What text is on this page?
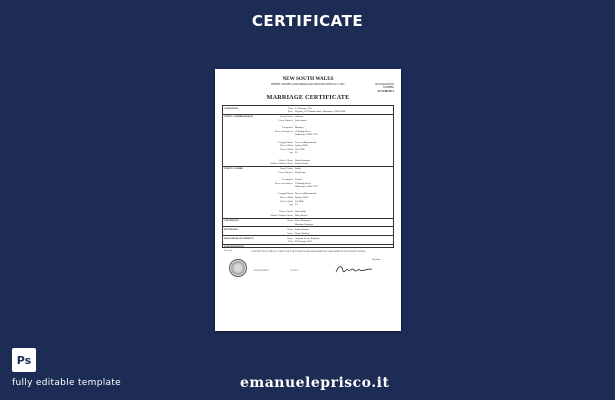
CERTIFICATE
NEW SOUTH WALES
BIRTHS, DEATHS AND MARRIAGES REGISTRATION ACT 1995	REGISTRATION NUMBER
2173/48/2011
MARRIAGE CERTIFICATE
CEREMONY	Date 17 February 2011
Place Registry, 191 Thomas Street Haymarket, NSW 2000
PARTY 1 / BRIDEGROOM	Family Name Johnson
Given Name(s) Luke James
Occupation Manager
Place of Residence 10 Rough Street
Wilberforce NSW 2756
Conjugal Status Never validly married
Place of Birth Sydney NSW
Date of Birth 10/1/1985
Age 26
Father's Name Robert Johnson
Mother's Maiden Name Susan Cooper
PARTY 2 / BRIDE	Family Name Smith
Given Name(s) Emily Jane
Occupation Teacher
Place of Residence 10 Rough Street
Wilberforce NSW 2756
Conjugal Status Never validly married
Place of Birth Sydney NSW
Date of Birth 2/4/1986
Age 24
Father's Name John Smith
Mother's Maiden Name Mary Brown
CELEBRANT	Name Peter Thompson
Marriage Registrar
WITNESSES	Name Sarah Johnson
Name Daniel Roberts
REGISTRAR AUTHORITY	Name Amanda Lewis, Registrar
Date 28 February 2011
ENDORSEMENTS
Not Any
I CERTIFY THAT THIS IS A TRUE COPY OF PARTICULARS RECORDED IN A REGISTER IN NEW SOUTH WALES
DATE ISSUED	7/3/2011
Registrar
Ps
fully editable template	emanueleprisco.it
